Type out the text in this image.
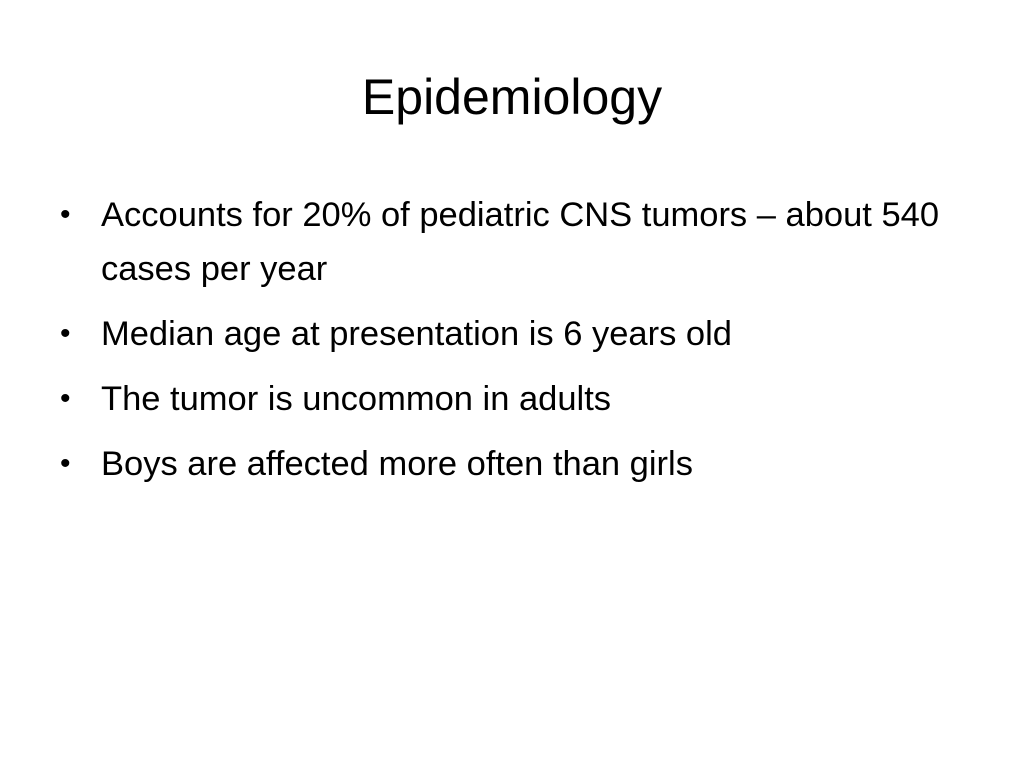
Epidemiology
• Accounts for 20% of pediatric CNS tumors – about 540 cases per year
• Median age at presentation is 6 years old
• The tumor is uncommon in adults
• Boys are affected more often than girls
